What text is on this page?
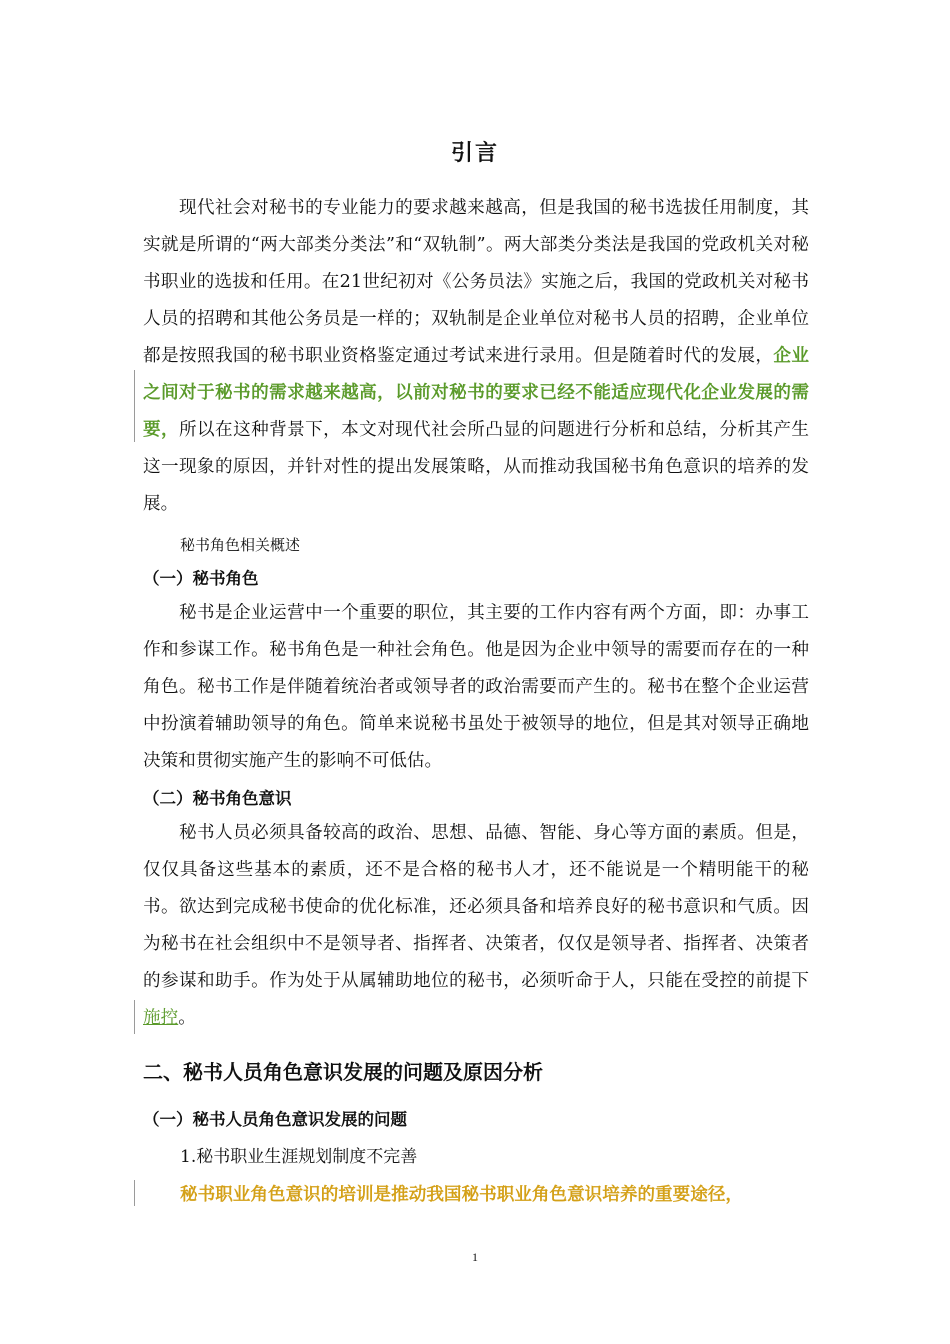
引言
现代社会对秘书的专业能力的要求越来越高，但是我国的秘书选拔任用制度，其实就是所谓的“两大部类分类法”和“双轨制”。两大部类分类法是我国的党政机关对秘书职业的选拔和任用。在21世纪初对《公务员法》实施之后，我国的党政机关对秘书人员的招聘和其他公务员是一样的；双轨制是企业单位对秘书人员的招聘，企业单位都是按照我国的秘书职业资格鉴定通过考试来进行录用。但是随着时代的发展，企业之间对于秘书的需求越来越高，以前对秘书的要求已经不能适应现代化企业发展的需要，所以在这种背景下，本文对现代社会所凸显的问题进行分析和总结，分析其产生这一现象的原因，并针对性的提出发展策略，从而推动我国秘书角色意识的培养的发展。
秘书角色相关概述
（一）秘书角色
秘书是企业运营中一个重要的职位，其主要的工作内容有两个方面，即：办事工作和参谋工作。秘书角色是一种社会角色。他是因为企业中领导的需要而存在的一种角色。秘书工作是伴随着统治者或领导者的政治需要而产生的。秘书在整个企业运营中扮演着辅助领导的角色。简单来说秘书虽处于被领导的地位，但是其对领导正确地决策和贯彻实施产生的影响不可低估。
（二）秘书角色意识
秘书人员必须具备较高的政治、思想、品德、智能、身心等方面的素质。但是，仅仅具备这些基本的素质，还不是合格的秘书人才，还不能说是一个精明能干的秘书。欲达到完成秘书使命的优化标准，还必须具备和培养良好的秘书意识和气质。因为秘书在社会组织中不是领导者、指挥者、决策者，仅仅是领导者、指挥者、决策者的参谋和助手。作为处于从属辅助地位的秘书，必须听命于人，只能在受控的前提下施控。
二、秘书人员角色意识发展的问题及原因分析
（一）秘书人员角色意识发展的问题
1.秘书职业生涯规划制度不完善
秘书职业角色意识的培训是推动我国秘书职业角色意识培养的重要途径，
1
